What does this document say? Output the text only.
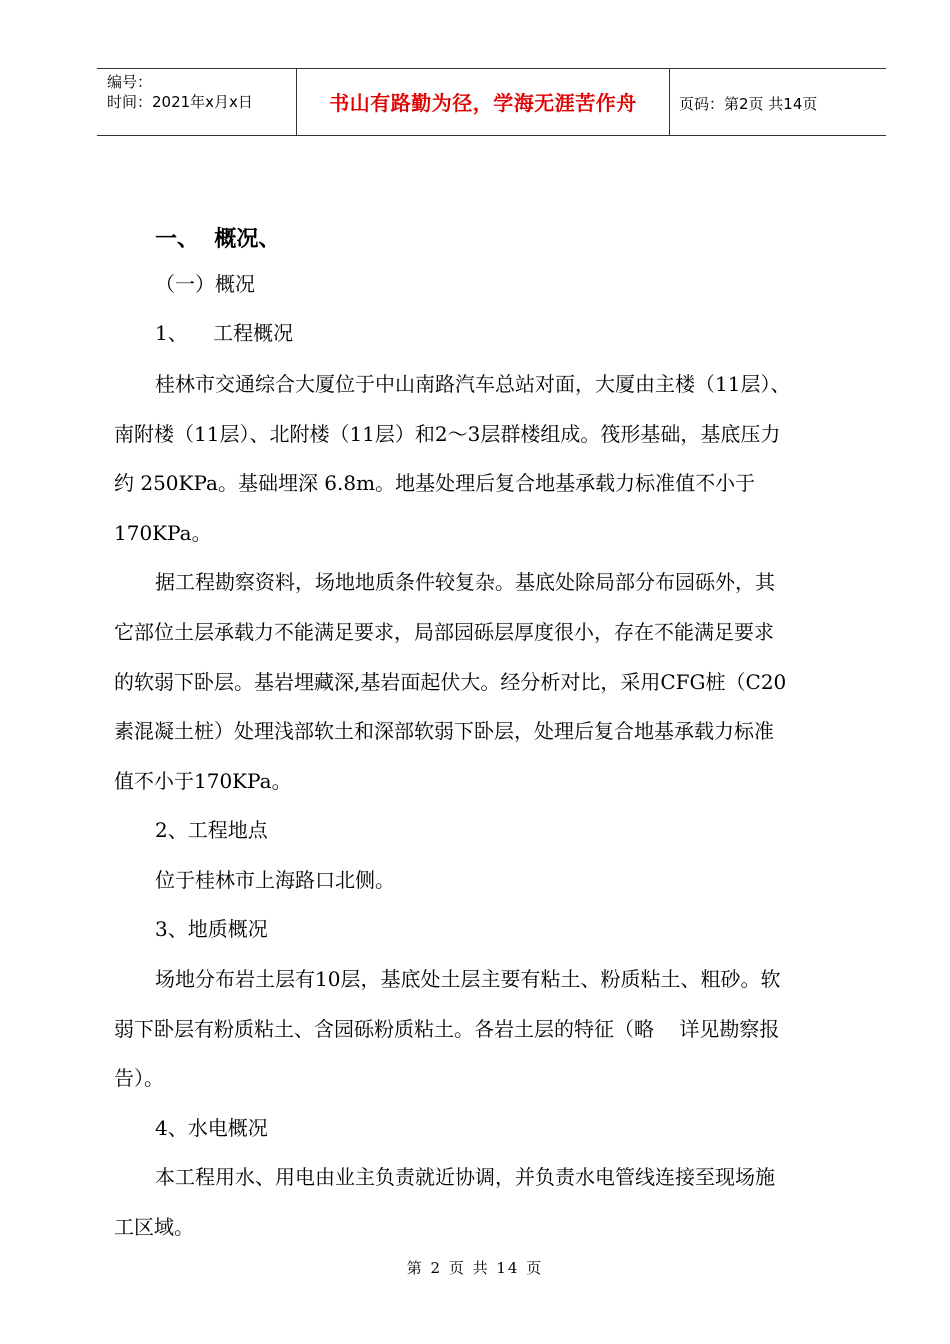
编号：
时间：2021年x月x日	书山有路勤为径，学海无涯苦作舟	页码：第2页 共14页
一、  概况、
（一）概况
1、    工程概况
桂林市交通综合大厦位于中山南路汽车总站对面，大厦由主楼（11层）、
南附楼（11层）、北附楼（11层）和2～3层群楼组成。筏形基础，基底压力
约 250KPa。基础埋深 6.8m。地基处理后复合地基承载力标准值不小于
170KPa。
据工程勘察资料，场地地质条件较复杂。基底处除局部分布园砾外，其
它部位土层承载力不能满足要求，局部园砾层厚度很小，存在不能满足要求
的软弱下卧层。基岩埋藏深,基岩面起伏大。经分析对比，采用CFG桩（C20
素混凝土桩）处理浅部软土和深部软弱下卧层，处理后复合地基承载力标准
值不小于170KPa。
2、工程地点
位于桂林市上海路口北侧。
3、地质概况
场地分布岩土层有10层，基底处土层主要有粘土、粉质粘土、粗砂。软
弱下卧层有粉质粘土、含园砾粉质粘土。各岩土层的特征（略    详见勘察报
告）。
4、水电概况
本工程用水、用电由业主负责就近协调，并负责水电管线连接至现场施
工区域。
第 2 页 共 14 页
